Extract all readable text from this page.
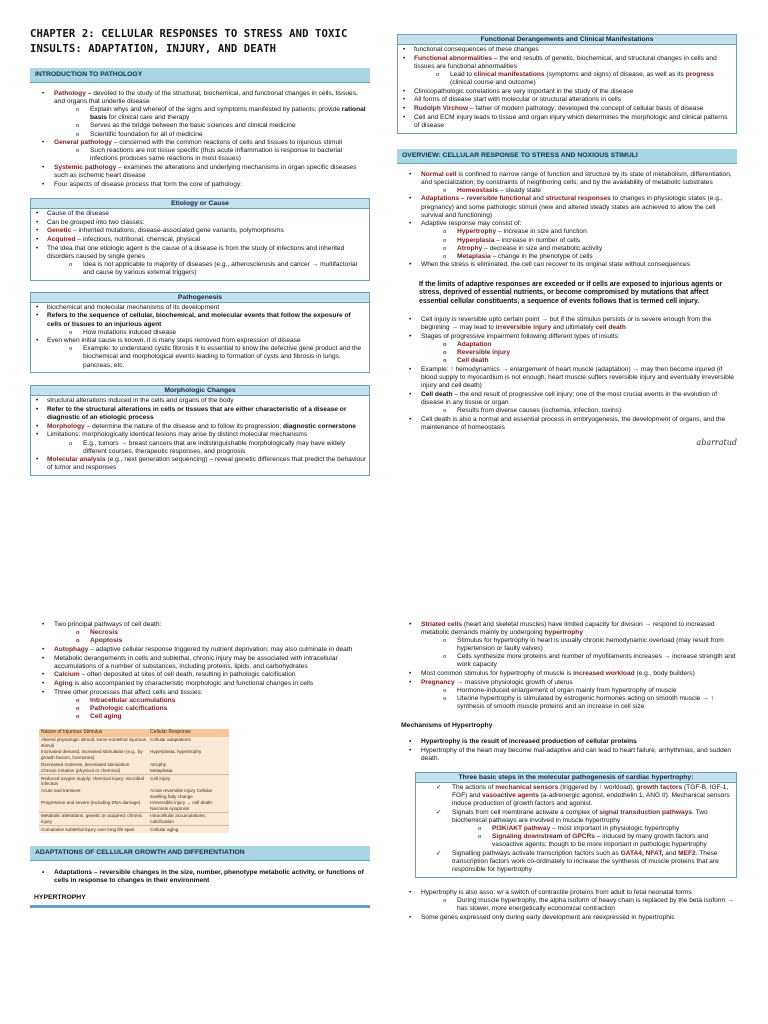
CHAPTER 2: CELLULAR RESPONSES TO STRESS AND TOXIC
INSULTS: ADAPTATION, INJURY, AND DEATH
INTRODUCTION TO PATHOLOGY
• Pathology – devoted to the study of the structural, biochemical, and functional changes in cells, tissues, and organs that underlie disease
o Explain whys and whereof of the signs and symptoms manifested by patients; provide rational basis for clinical care and therapy
o Serves as the bridge between the basic sciences and clinical medicine
o Scientific foundation for all of medicine
• General pathology – concerned with the common reactions of cells and tissues to injurious stimuli
o Such reactions are not tissue specific (thus acute inflammation is response to bacterial infections produces same reactions in most tissues)
• Systemic pathology – examines the alterations and underlying mechanisms in organ specific diseases such as ischemic heart disease
• Four aspects of disease process that form the core of pathology:
Etiology or Cause
• Cause of the disease
• Can be grouped into two classes:
• Genetic – inherited mutations, disease-associated gene variants, polymorphisms
• Acquired – infectious, nutritional, chemical, physical
• The idea that one etiologic agent is the cause of a disease is from the study of infections and inherited disorders caused by single genes
o Idea is not applicable to majority of diseases (e.g., atherosclerosis and cancer → multifactorial and cause by various external triggers)
Pathogenesis
• biochemical and molecular mechanisms of its development
• Refers to the sequence of cellular, biochemical, and molecular events that follow the exposure of cells or tissues to an injurious agent
o How mutations induced disease
• Even when initial cause is known, it is many steps removed from expression of disease
o Example: to understand cystic fibrosis it is essential to know the defective gene product and the biochemical and morphological events leading to formation of cysts and fibrosis in lungs, pancreas, etc.
Morphologic Changes
• structural alterations induced in the cells and organs of the body
• Refer to the structural alterations in cells or tissues that are either characteristic of a disease or diagnostic of an etiologic process
• Morphology – determine the nature of the disease and to follow its progression; diagnostic cornerstone
• Limitations: morphologically identical lesions may arise by distinct molecular mechanisms
o E.g., tumors → breast cancers that are indistinguishable morphologically may have widely different courses, therapeutic responses, and prognosis
• Molecular analysis (e.g., next generation sequencing) – reveal genetic differences that predict the behaviour of tumor and responses
Functional Derangements and Clinical Manifestations
• functional consequences of these changes
• Functional abnormalities – the end results of genetic, biochemical, and structural changes in cells and tissues are functional abnormalities
o Lead to clinical manifestations (symptoms and signs) of disease, as well as its progress (clinical course and outcome)
• Clinicopathologic correlations are very important in the study of the disease
• All forms of disease start with molecular or structural alterations in cells
• Rudolph Virchow – father of modern pathology; developed the concept of cellular basis of disease
• Cell and ECM injury leads to tissue and organ injury which determines the morphologic and clinical patterns of disease
OVERVIEW: CELLULAR RESPONSE TO STRESS AND NOXIOUS STIMULI
• Normal cell is confined to narrow range of function and structure by its state of metabolism, differentiation, and specialization; by constraints of neighboring cells; and by the availability of metabolic substrates
o Homeostasis – steady state
• Adaptations – reversible functional and structural responses to changes in physiologic states (e.g., pregnancy) and some pathologic stimuli (new and altered steady states are achieved to allow the cell survival and functioning)
• Adaptive response may consist of:
o Hypertrophy – increase in size and function
o Hyperplasia – increase in number of cells
o Atrophy – decrease in size and metabolic activity
o Metaplasia – change in the phenotype of cells
• When the stress is eliminated, the cell can recover to its original state without consequences
If the limits of adaptive responses are exceeded or if cells are exposed to injurious agents or stress, deprived of essential nutrients, or become compromised by mutations that affect essential cellular constituents, a sequence of events follows that is termed cell injury.
• Cell injury is reversible upto certain point → but if the stimulus persists or is severe enough from the beginning → may lead to irreversible injury and ultimately cell death
• Stages of progressive impairment following different types of insults:
o Adaptation
o Reversible injury
o Cell death
• Example: ↑ hemodynamics → enlargement of heart muscle (adaptation) → may then become injured (if blood supply to myocardium is not enough, heart muscle suffers reversible injury and eventually irreversible injury and cell death)
• Cell death – the end result of progressive cell injury; one of the most crucial events in the evolution of disease in any tissue or organ
o Results from diverse causes (ischemia, infection, toxins)
• Cell death is also a normal and essential process in embryogenesis, the development of organs, and the maintenance of homeostasis
abarratud
• Two principal pathways of cell death:
o Necrosis
o Apoptosis
• Autophagy – adaptive cellular response triggered by nutrient deprivation; may also culminate in death
• Metabolic derangements in cells and sublethal, chronic injury may be associated with intracellular accumulations of a number of substances, including proteins, lipids, and carbohydrates
• Calcium – often deposited at sites of cell death, resulting in pathologic calcification
• Aging is also accompanied by characteristic morphologic and functional changes in cells
• Three other processes that affect cells and tissues:
o Intracellular accumulations
o Pathologic calcifications
o Cell aging
Nature of Injurious Stimulus	Cellular Response
Altered physiologic stimuli; some nonlethal injurious stimuli	Cellular adaptations
Increased demand, increased stimulation (e.g., by growth factors, hormones)	Hyperplasia, hypertrophy
Decreased nutrients, decreased stimulation	Atrophy
Chronic irritation (physical or chemical)	Metaplasia
Reduced oxygen supply; chemical injury; microbial infection	Cell injury
Acute and transient	Acute reversible injury Cellular swelling fatty change
Progressive and severe (including DNA damage)	Irreversible injury → cell death Necrosis Apoptosis
Metabolic alterations, genetic or acquired; chronic injury	Intracellular accumulations; calcification
Cumulative sublethal injury over long life span	Cellular aging
ADAPTATIONS OF CELLULAR GROWTH AND DIFFERENTIATION
• Adaptations – reversible changes in the size, number, phenotype metabolic activity, or functions of cells in response to changes in their environment
HYPERTROPHY
• Striated cells (heart and skeletal muscles) have limited capacity for division → respond to increased metabolic demands mainly by undergoing hypertrophy
o Stimulus for hypertrophy in heart is usually chronic hemodynamic overload (may result from hypertension or faulty valves)
o Cells synthesize more proteins and number of myofilaments increases → increase strength and work capacity
• Most common stimulus for hypertrophy of muscle is increased workload (e.g., body builders)
• Pregnancy → massive physiologic growth of uterus
o Hormone-induced enlargement of organ mainly from hypertrophy of muscle
o Uterine hypertrophy is stimulated by estrogenic hormones acting on smooth muscle → ↑ synthesis of smooth muscle proteins and an increase in cell size
Mechanisms of Hypertrophy
• Hypertrophy is the result of increased production of cellular proteins
• Hypertrophy of the heart may become mal-adaptive and can lead to heart failure, arrhythmias, and sudden death.
Three basic steps in the molecular pathogenesis of cardiac hypertrophy:
✓ The actions of mechanical sensors (triggered by ↑ workload), growth factors (TGF-B, IGF-1, FGF) and vasoactive agents (a-adrenergic agonist, endothelin 1, ANG II). Mechanical sensors induce production of growth factors and agonist.
✓ Signals from cell membrane activate a complex of signal transduction pathways. Two biochemical pathways are involved in muscle hypertrophy
o PI3K/AKT pathway – most important in physiologic hypertrophy
o Signaling downstream of GPCRs – induced by many growth factors and vasoactive agents; though to be more important in pathologic hypertrophy
✓ Signalling pathways activate transcription factors such as GATA4, NFAT, and MEF2. These transcription factors work co-ordinately to increase the synthesis of muscle proteins that are responsible for hypertrophy
• Hypertrophy is also asso. w/ a switch of contractile proteins from adult to fetal neonatal forms
o During muscle hypertrophy, the alpha isoform of heavy chain is replaced by the beta isoform → has slower, more energetically economical contraction
• Some genes expressed only during early development are reexpressed in hypertrophic
